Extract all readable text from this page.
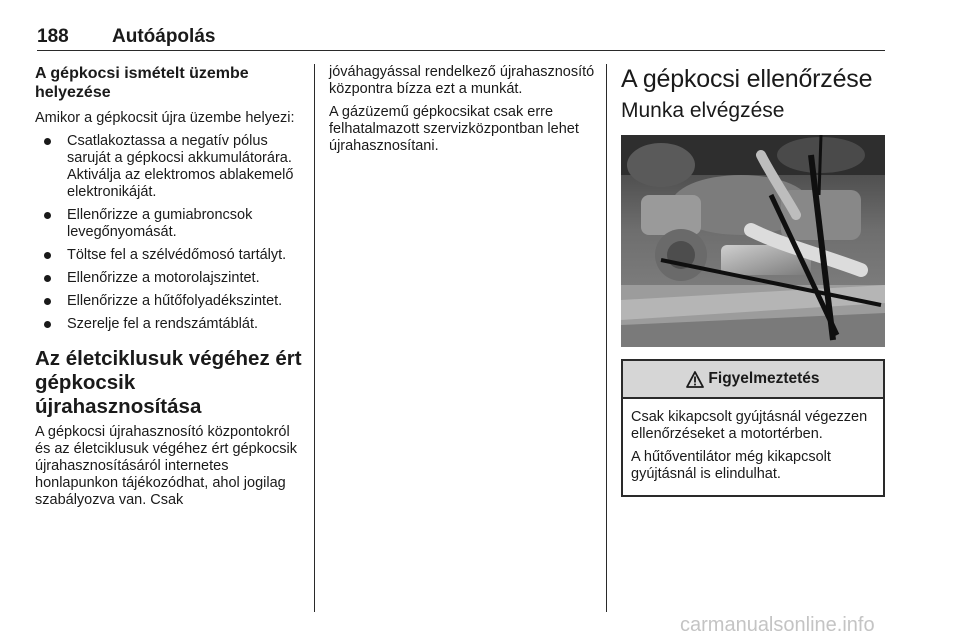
188 Autóápolás
A gépkocsi ismételt üzembe helyezése

Amikor a gépkocsit újra üzembe helyezi:

Csatlakoztassa a negatív pólus saruját a gépkocsi akkumulátorára. Aktiválja az elektromos ablakemelő elektronikáját.
Ellenőrizze a gumiabroncsok levegőnyomását.
Töltse fel a szélvédőmosó tartályt.
Ellenőrizze a motorolajszintet.
Ellenőrizze a hűtőfolyadékszintet.
Szerelje fel a rendszámtáblát.
Az életciklusuk végéhez ért gépkocsik újrahasznosítása

A gépkocsi újrahasznosító központokról és az életciklusuk végéhez ért gépkocsik újrahasznosításáról internetes honlapunkon tájékozódhat, ahol jogilag szabályozva van. Csak

jóváhagyással rendelkező újrahasznosító központra bízza ezt a munkát.

A gázüzemű gépkocsikat csak erre felhatalmazott szervizközpontban lehet újrahasznosítani.

A gépkocsi ellenőrzése
Munka elvégzése
Figyelmeztetés

Csak kikapcsolt gyújtásnál végezzen ellenőrzéseket a motortérben.

A hűtőventilátor még kikapcsolt gyújtásnál is elindulhat.

carmanualsonline.info
